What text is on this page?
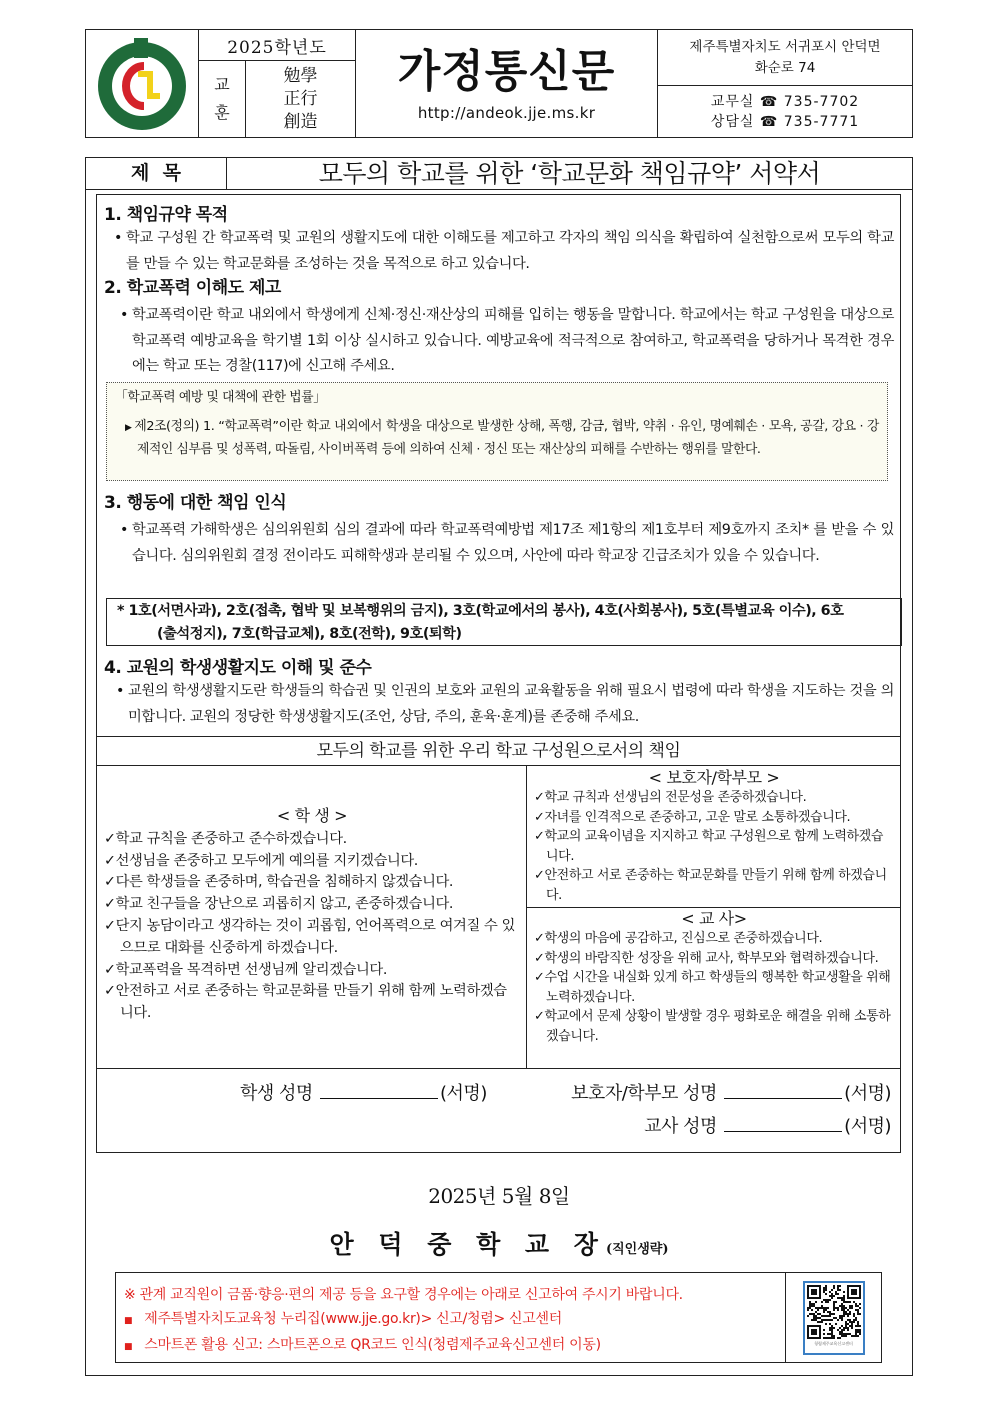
2025학년도
교
훈
勉學
正行
創造
가정통신문
http://andeok.jje.ms.kr
제주특별자치도 서귀포시 안덕면
화순로 74
교무실 ☎ 735-7702
상담실 ☎ 735-7771
제  목	모두의 학교를 위한 ‘학교문화 책임규약’ 서약서
1. 책임규약 목적
• 학교 구성원 간 학교폭력 및 교원의 생활지도에 대한 이해도를 제고하고 각자의 책임 의식을 확립하여 실천함으로써 모두의 학교를 만들 수 있는 학교문화를 조성하는 것을 목적으로 하고 있습니다.
2. 학교폭력 이해도 제고
• 학교폭력이란 학교 내외에서 학생에게 신체·정신·재산상의 피해를 입히는 행동을 말합니다. 학교에서는 학교 구성원을 대상으로 학교폭력 예방교육을 학기별 1회 이상 실시하고 있습니다. 예방교육에 적극적으로 참여하고, 학교폭력을 당하거나 목격한 경우에는 학교 또는 경찰(117)에 신고해 주세요.
「학교폭력 예방 및 대책에 관한 법률」
▶ 제2조(정의) 1. “학교폭력”이란 학교 내외에서 학생을 대상으로 발생한 상해, 폭행, 감금, 협박, 약취 · 유인, 명예훼손 · 모욕, 공갈, 강요 · 강제적인 심부름 및 성폭력, 따돌림, 사이버폭력 등에 의하여 신체 · 정신 또는 재산상의 피해를 수반하는 행위를 말한다.
3. 행동에 대한 책임 인식
• 학교폭력 가해학생은 심의위원회 심의 결과에 따라 학교폭력예방법 제17조 제1항의 제1호부터 제9호까지 조치* 를 받을 수 있습니다. 심의위원회 결정 전이라도 피해학생과 분리될 수 있으며, 사안에 따라 학교장 긴급조치가 있을 수 있습니다.
* 1호(서면사과), 2호(접촉, 협박 및 보복행위의 금지), 3호(학교에서의 봉사), 4호(사회봉사), 5호(특별교육 이수), 6호
(출석정지), 7호(학급교체), 8호(전학), 9호(퇴학)
4. 교원의 학생생활지도 이해 및 준수
• 교원의 학생생활지도란 학생들의 학습권 및 인권의 보호와 교원의 교육활동을 위해 필요시 법령에 따라 학생을 지도하는 것을 의미합니다. 교원의 정당한 학생생활지도(조언, 상담, 주의, 훈육·훈계)를 존중해 주세요.
모두의 학교를 위한 우리 학교 구성원으로서의 책임
< 학 생 >
✓학교 규칙을 존중하고 준수하겠습니다.
✓선생님을 존중하고 모두에게 예의를 지키겠습니다.
✓다른 학생들을 존중하며, 학습권을 침해하지 않겠습니다.
✓학교 친구들을 장난으로 괴롭히지 않고, 존중하겠습니다.
✓단지 농담이라고 생각하는 것이 괴롭힘, 언어폭력으로 여겨질 수 있으므로 대화를 신중하게 하겠습니다.
✓학교폭력을 목격하면 선생님께 알리겠습니다.
✓안전하고 서로 존중하는 학교문화를 만들기 위해 함께 노력하겠습니다.
< 보호자/학부모 >
✓학교 규칙과 선생님의 전문성을 존중하겠습니다.
✓자녀를 인격적으로 존중하고, 고운 말로 소통하겠습니다.
✓학교의 교육이념을 지지하고 학교 구성원으로 함께 노력하겠습니다.
✓안전하고 서로 존중하는 학교문화를 만들기 위해 함께 하겠습니다.
< 교 사>
✓학생의 마음에 공감하고, 진심으로 존중하겠습니다.
✓학생의 바람직한 성장을 위해 교사, 학부모와 협력하겠습니다.
✓수업 시간을 내실화 있게 하고 학생들의 행복한 학교생활을 위해 노력하겠습니다.
✓학교에서 문제 상황이 발생할 경우 평화로운 해결을 위해 소통하겠습니다.
학생 성명	(서명)	보호자/학부모 성명	(서명)
교사 성명	(서명)
2025년 5월 8일
안 덕 중 학 교 장(직인생략)
※ 관계 교직원이 금품·향응·편의 제공 등을 요구할 경우에는 아래로 신고하여 주시기 바랍니다.
■ 제주특별자치도교육청 누리집(www.jje.go.kr)> 신고/청렴> 신고센터
■ 스마트폰 활용 신고: 스마트폰으로 QR코드 인식(청렴제주교육신고센터 이동)	청렴제주교육신고센터
